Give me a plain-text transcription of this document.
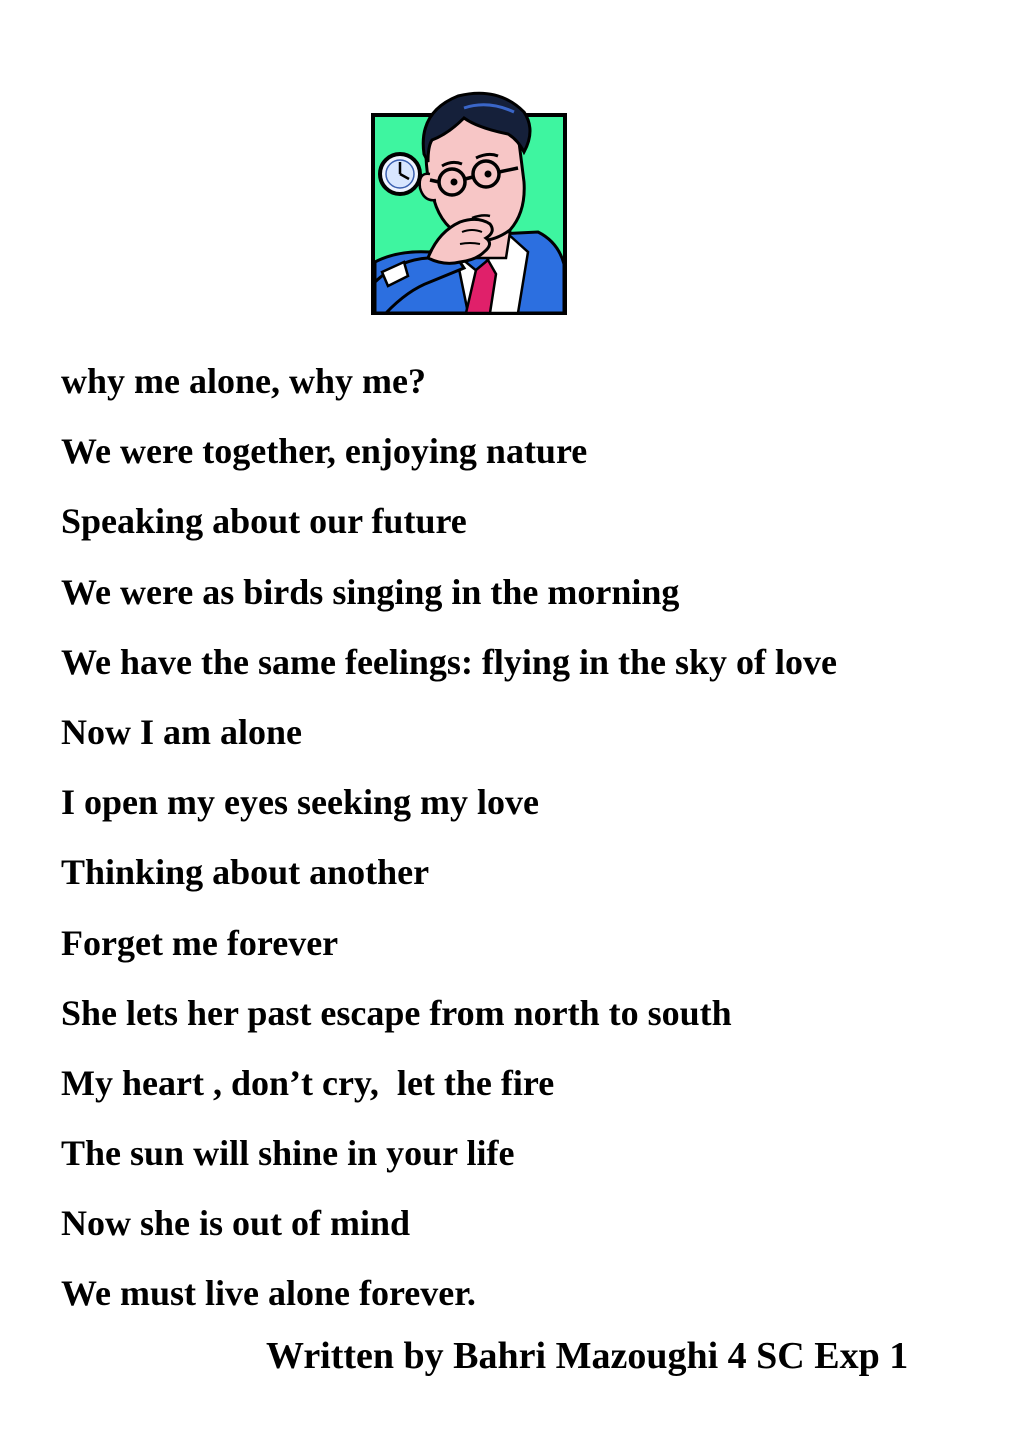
why me alone, why me?
We were together, enjoying nature
Speaking about our future
We were as birds singing in the morning
We have the same feelings: flying in the sky of love
Now I am alone
I open my eyes seeking my love
Thinking about another
Forget me forever
She lets her past escape from north to south
My heart , don’t cry,  let the fire
The sun will shine in your life
Now she is out of mind
We must live alone forever.
Written by Bahri Mazoughi 4 SC Exp 1
